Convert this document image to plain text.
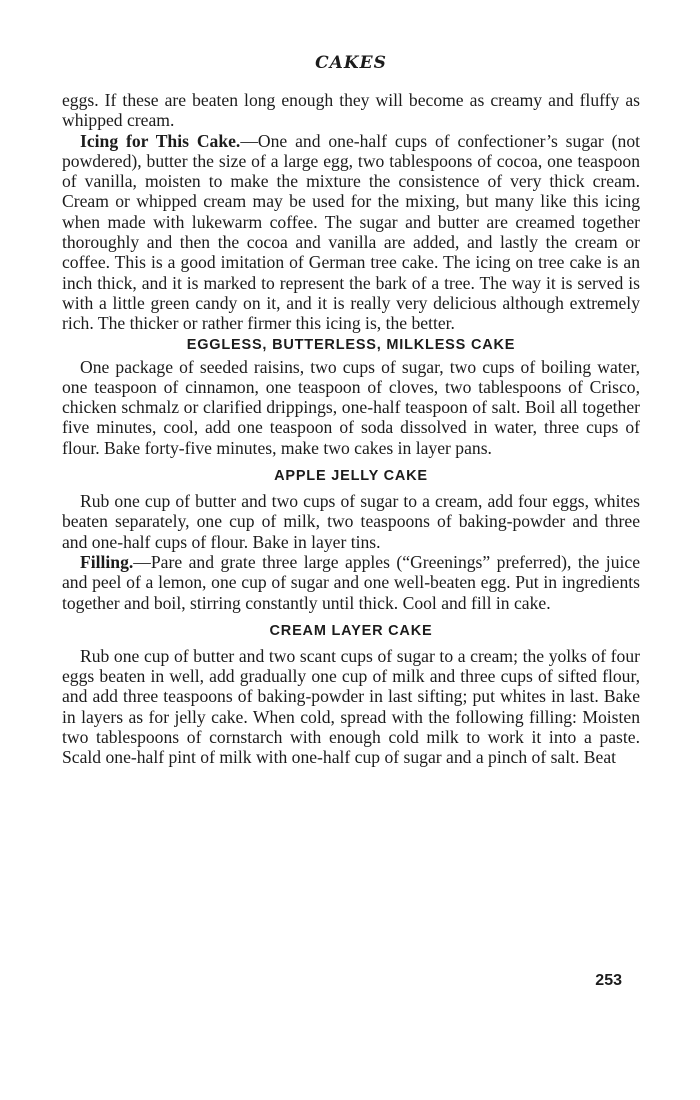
CAKES

eggs. If these are beaten long enough they will become as creamy and fluffy as whipped cream.

Icing for This Cake.—One and one-half cups of confectioner’s sugar (not powdered), butter the size of a large egg, two tablespoons of cocoa, one teaspoon of vanilla, moisten to make the mixture the consistence of very thick cream. Cream or whipped cream may be used for the mixing, but many like this icing when made with lukewarm coffee. The sugar and butter are creamed together thoroughly and then the cocoa and vanilla are added, and lastly the cream or coffee. This is a good imitation of German tree cake. The icing on tree cake is an inch thick, and it is marked to represent the bark of a tree. The way it is served is with a little green candy on it, and it is really very delicious although extremely rich. The thicker or rather firmer this icing is, the better.

EGGLESS, BUTTERLESS, MILKLESS CAKE

One package of seeded raisins, two cups of sugar, two cups of boiling water, one teaspoon of cinnamon, one teaspoon of cloves, two tablespoons of Crisco, chicken schmalz or clarified drippings, one-half teaspoon of salt. Boil all together five minutes, cool, add one teaspoon of soda dissolved in water, three cups of flour. Bake forty-five minutes, make two cakes in layer pans.

APPLE JELLY CAKE

Rub one cup of butter and two cups of sugar to a cream, add four eggs, whites beaten separately, one cup of milk, two teaspoons of baking-powder and three and one-half cups of flour. Bake in layer tins.

Filling.—Pare and grate three large apples (“Greenings” preferred), the juice and peel of a lemon, one cup of sugar and one well-beaten egg. Put in ingredients together and boil, stirring constantly until thick. Cool and fill in cake.

CREAM LAYER CAKE

Rub one cup of butter and two scant cups of sugar to a cream; the yolks of four eggs beaten in well, add gradually one cup of milk and three cups of sifted flour, and add three teaspoons of baking-powder in last sifting; put whites in last. Bake in layers as for jelly cake. When cold, spread with the following filling: Moisten two tablespoons of cornstarch with enough cold milk to work it into a paste. Scald one-half pint of milk with one-half cup of sugar and a pinch of salt. Beat

253
